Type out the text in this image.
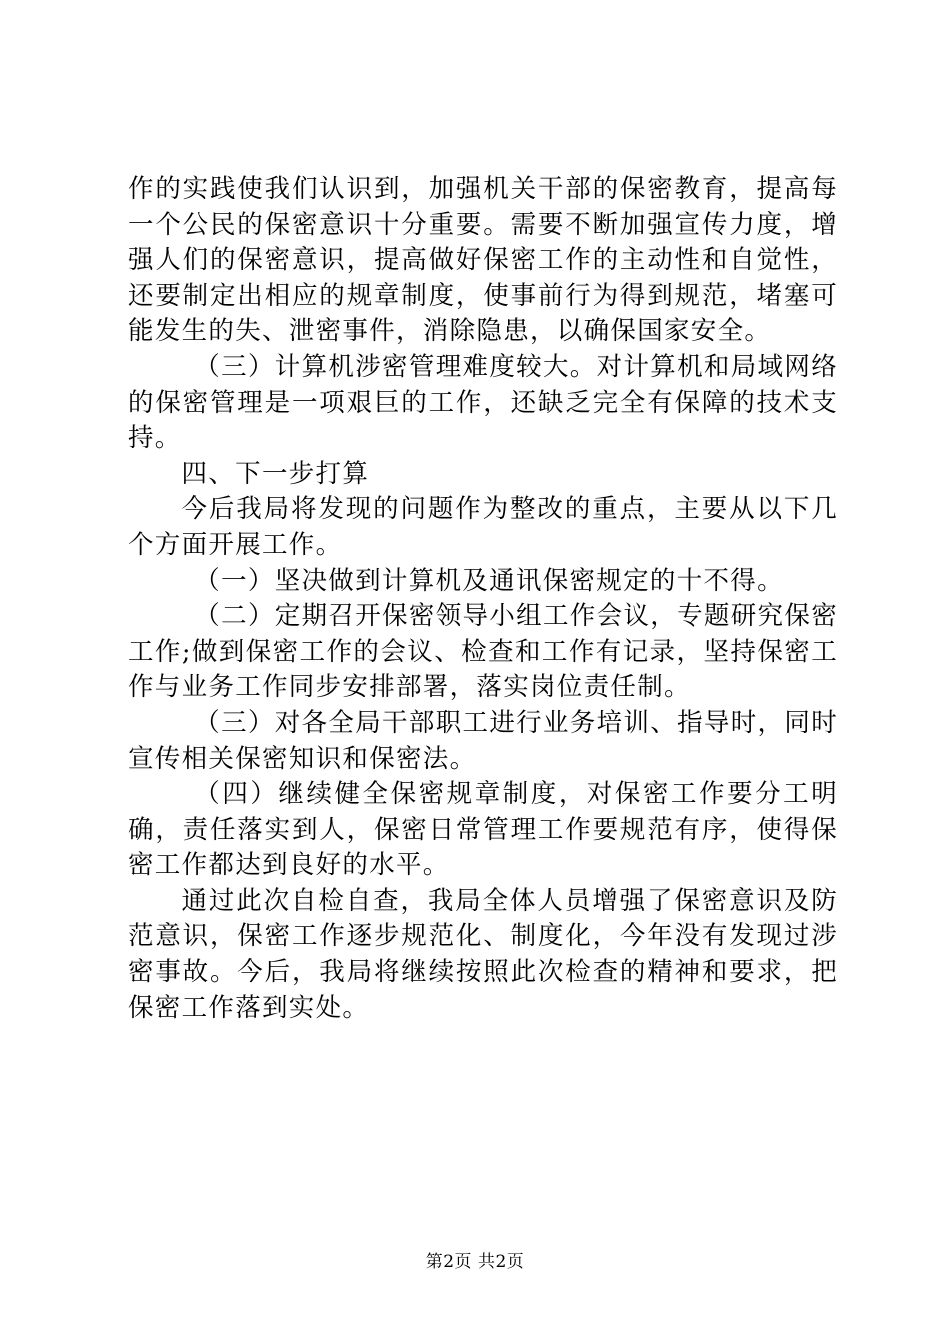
作的实践使我们认识到，加强机关干部的保密教育，提高每一个公民的保密意识十分重要。需要不断加强宣传力度，增强人们的保密意识，提高做好保密工作的主动性和自觉性，还要制定出相应的规章制度，使事前行为得到规范，堵塞可能发生的失、泄密事件，消除隐患，以确保国家安全。

（三）计算机涉密管理难度较大。对计算机和局域网络的保密管理是一项艰巨的工作，还缺乏完全有保障的技术支持。

四、下一步打算

今后我局将发现的问题作为整改的重点，主要从以下几个方面开展工作。

（一）坚决做到计算机及通讯保密规定的十不得。

（二）定期召开保密领导小组工作会议，专题研究保密工作;做到保密工作的会议、检查和工作有记录，坚持保密工作与业务工作同步安排部署，落实岗位责任制。

（三）对各全局干部职工进行业务培训、指导时，同时宣传相关保密知识和保密法。

（四）继续健全保密规章制度，对保密工作要分工明确，责任落实到人，保密日常管理工作要规范有序，使得保密工作都达到良好的水平。

通过此次自检自查，我局全体人员增强了保密意识及防范意识，保密工作逐步规范化、制度化，今年没有发现过涉密事故。今后，我局将继续按照此次检查的精神和要求，把保密工作落到实处。

第2页 共2页
